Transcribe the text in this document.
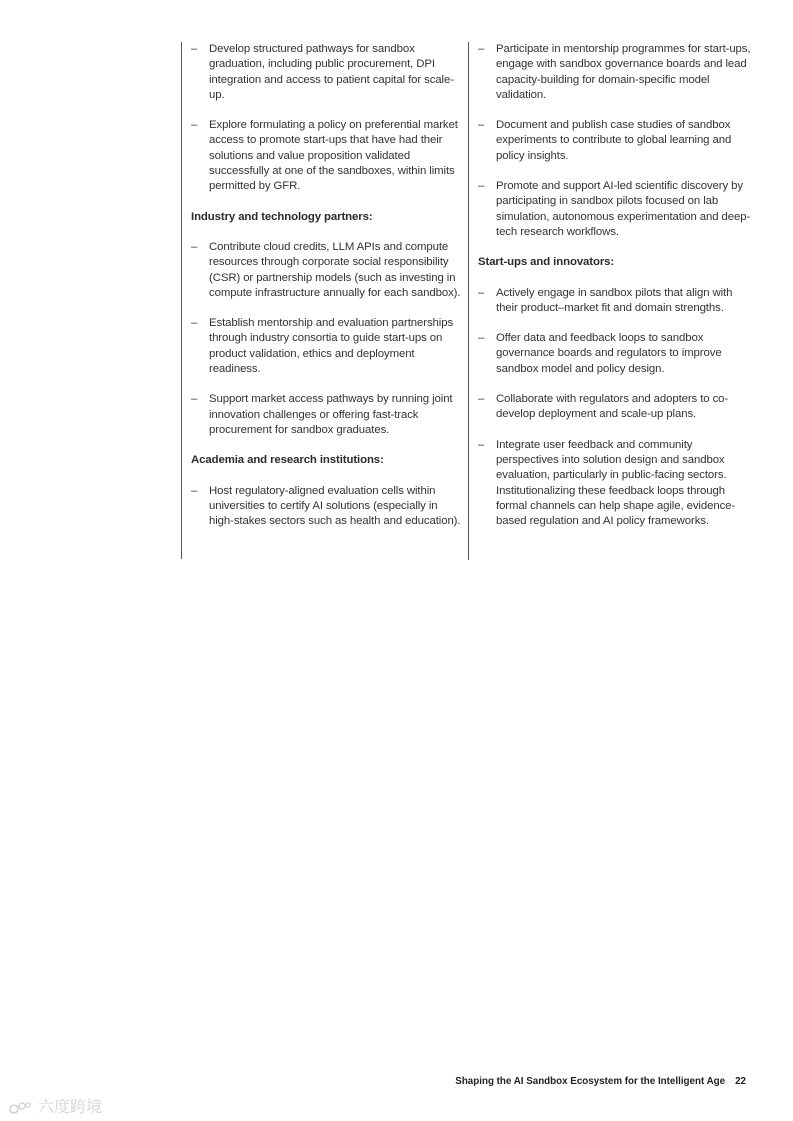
– Develop structured pathways for sandbox graduation, including public procurement, DPI integration and access to patient capital for scale-up.
– Explore formulating a policy on preferential market access to promote start-ups that have had their solutions and value proposition validated successfully at one of the sandboxes, within limits permitted by GFR.
Industry and technology partners:
– Contribute cloud credits, LLM APIs and compute resources through corporate social responsibility (CSR) or partnership models (such as investing in compute infrastructure annually for each sandbox).
– Establish mentorship and evaluation partnerships through industry consortia to guide start-ups on product validation, ethics and deployment readiness.
– Support market access pathways by running joint innovation challenges or offering fast-track procurement for sandbox graduates.
Academia and research institutions:
– Host regulatory-aligned evaluation cells within universities to certify AI solutions (especially in high-stakes sectors such as health and education).
– Participate in mentorship programmes for start-ups, engage with sandbox governance boards and lead capacity-building for domain-specific model validation.
– Document and publish case studies of sandbox experiments to contribute to global learning and policy insights.
– Promote and support AI-led scientific discovery by participating in sandbox pilots focused on lab simulation, autonomous experimentation and deep-tech research workflows.
Start-ups and innovators:
– Actively engage in sandbox pilots that align with their product–market fit and domain strengths.
– Offer data and feedback loops to sandbox governance boards and regulators to improve sandbox model and policy design.
– Collaborate with regulators and adopters to co-develop deployment and scale-up plans.
– Integrate user feedback and community perspectives into solution design and sandbox evaluation, particularly in public-facing sectors. Institutionalizing these feedback loops through formal channels can help shape agile, evidence-based regulation and AI policy frameworks.
Shaping the AI Sandbox Ecosystem for the Intelligent Age 22
六度跨境
